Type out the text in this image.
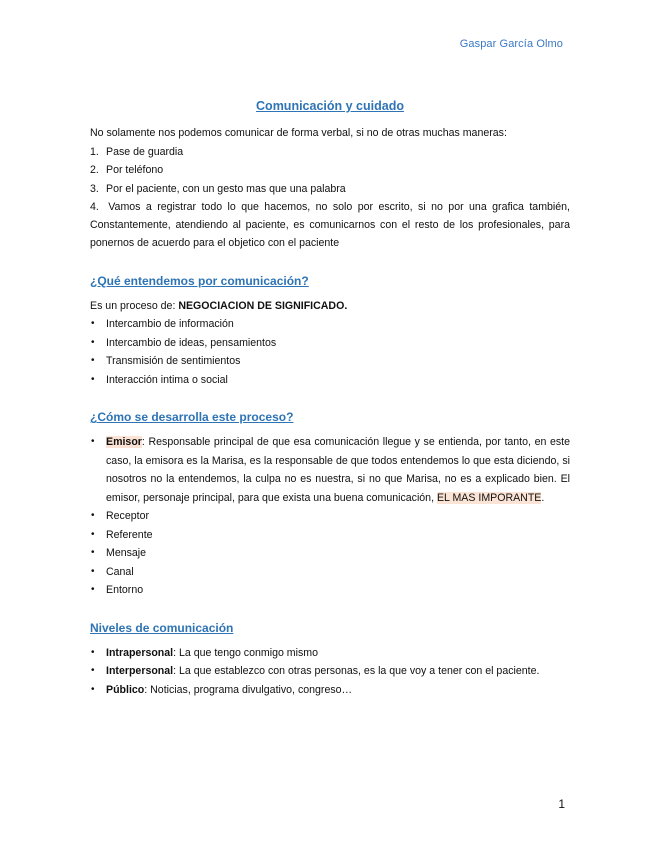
Gaspar García Olmo
Comunicación y cuidado

No solamente nos podemos comunicar de forma verbal, si no de otras muchas maneras:

1. Pase de guardia
2. Por teléfono
3. Por el paciente, con un gesto mas que una palabra
4. Vamos a registrar todo lo que hacemos, no solo por escrito, si no por una grafica también, Constantemente, atendiendo al paciente, es comunicarnos con el resto de los profesionales, para ponernos de acuerdo para el objetico con el paciente
¿Qué entendemos por comunicación?

Es un proceso de: NEGOCIACION DE SIGNIFICADO.

• Intercambio de información
• Intercambio de ideas, pensamientos
• Transmisión de sentimientos
• Interacción intima o social
¿Cómo se desarrolla este proceso?
• Emisor: Responsable principal de que esa comunicación llegue y se entienda, por tanto, en este caso, la emisora es la Marisa, es la responsable de que todos entendemos lo que esta diciendo, si nosotros no la entendemos, la culpa no es nuestra, si no que Marisa, no es a explicado bien. El emisor, personaje principal, para que exista una buena comunicación, EL MAS IMPORANTE.
• Receptor
• Referente
• Mensaje
• Canal
• Entorno
Niveles de comunicación
• Intrapersonal: La que tengo conmigo mismo
• Interpersonal: La que establezco con otras personas, es la que voy a tener con el paciente.
• Público: Noticias, programa divulgativo, congreso…
1
